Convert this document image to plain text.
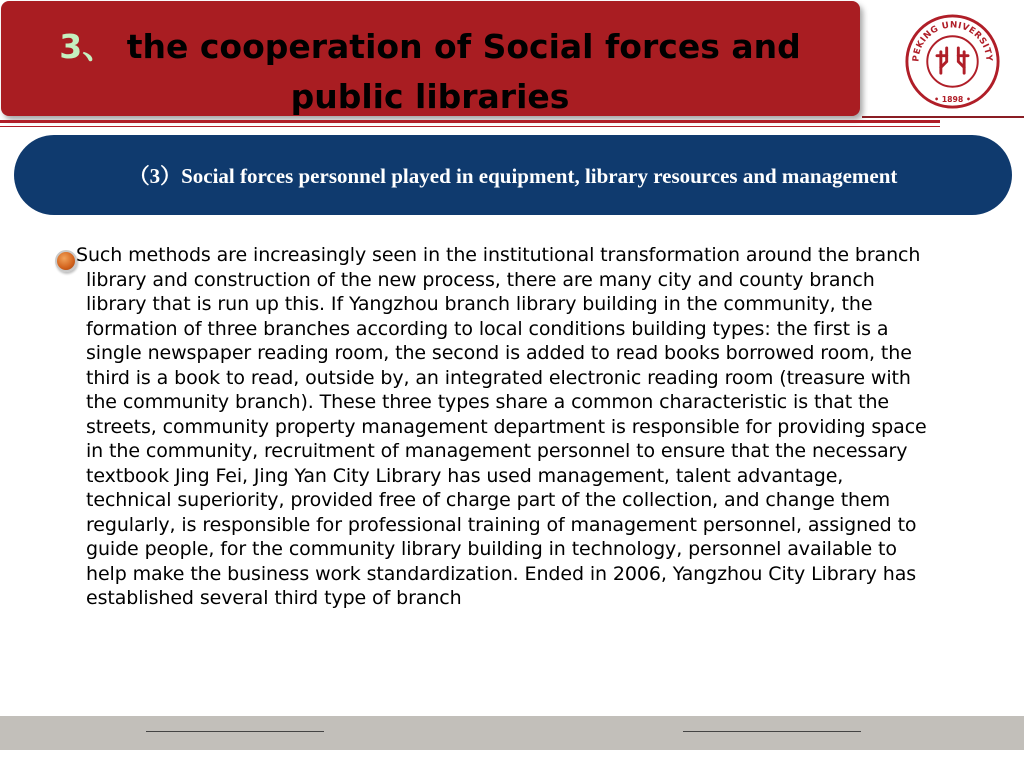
3、 the cooperation of Social forces and public libraries
PEKING UNIVERSITY
• 1898 •
（3）Social forces personnel played in equipment, library resources and management

Such methods are increasingly seen in the institutional transformation around the branch library and construction of the new process, there are many city and county branch library that is run up this. If Yangzhou branch library building in the community, the formation of three branches according to local conditions building types: the first is a single newspaper reading room, the second is added to read books borrowed room, the third is a book to read, outside by, an integrated electronic reading room (treasure with the community branch). These three types share a common characteristic is that the streets, community property management department is responsible for providing space in the community, recruitment of management personnel to ensure that the necessary textbook Jing Fei, Jing Yan City Library has used management, talent advantage, technical superiority, provided free of charge part of the collection, and change them regularly, is responsible for professional training of management personnel, assigned to guide people, for the community library building in technology, personnel available to help make the business work standardization. Ended in 2006, Yangzhou City Library has established several third type of branch
